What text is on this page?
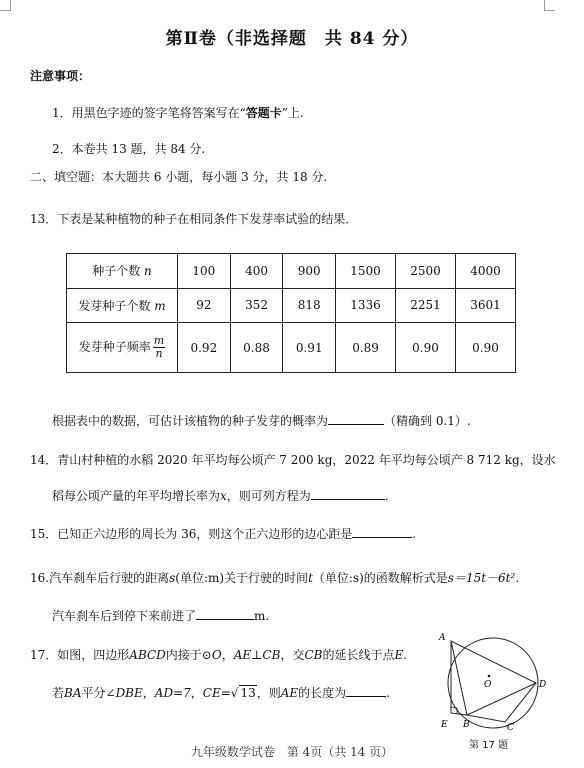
第Ⅱ卷（非选择题　共 84 分）
注意事项：
1．用黑色字迹的签字笔将答案写在“答题卡”上.
2．本卷共 13 题，共 84 分.
二、填空题：本大题共 6 小题，每小题 3 分，共 18 分.
13．下表是某种植物的种子在相同条件下发芽率试验的结果．
种子个数 n	100	400	900	1500	2500	4000
发芽种子个数 m	92	352	818	1336	2251	3601
发芽种子频率 $\frac{m}{n}$	0.92	0.88	0.91	0.89	0.90	0.90
根据表中的数据，可估计该植物的种子发芽的概率为	（精确到 0.1）.
14．青山村种植的水稻 2020 年平均每公顷产 7 200 kg，2022 年平均每公顷产 8 712 kg，设水
稻每公顷产量的年平均增长率为x，则可列方程为	.
15．已知正六边形的周长为 36，则这个正六边形的边心距是	.
16.汽车刹车后行驶的距离s(单位:m)关于行驶的时间t（单位:s)的函数解析式是s＝15t－6t².
汽车刹车后到停下来前进了	m.
17．如图，四边形ABCD内接于⊙O，AE⊥CB，交CB的延长线于点E.
若BA平分∠DBE，AD=7，CE=√ 13，则AE的长度为	.
A
O	D
E B	C
第 17 题
九年级数学试卷　第 4页（共 14 页）
